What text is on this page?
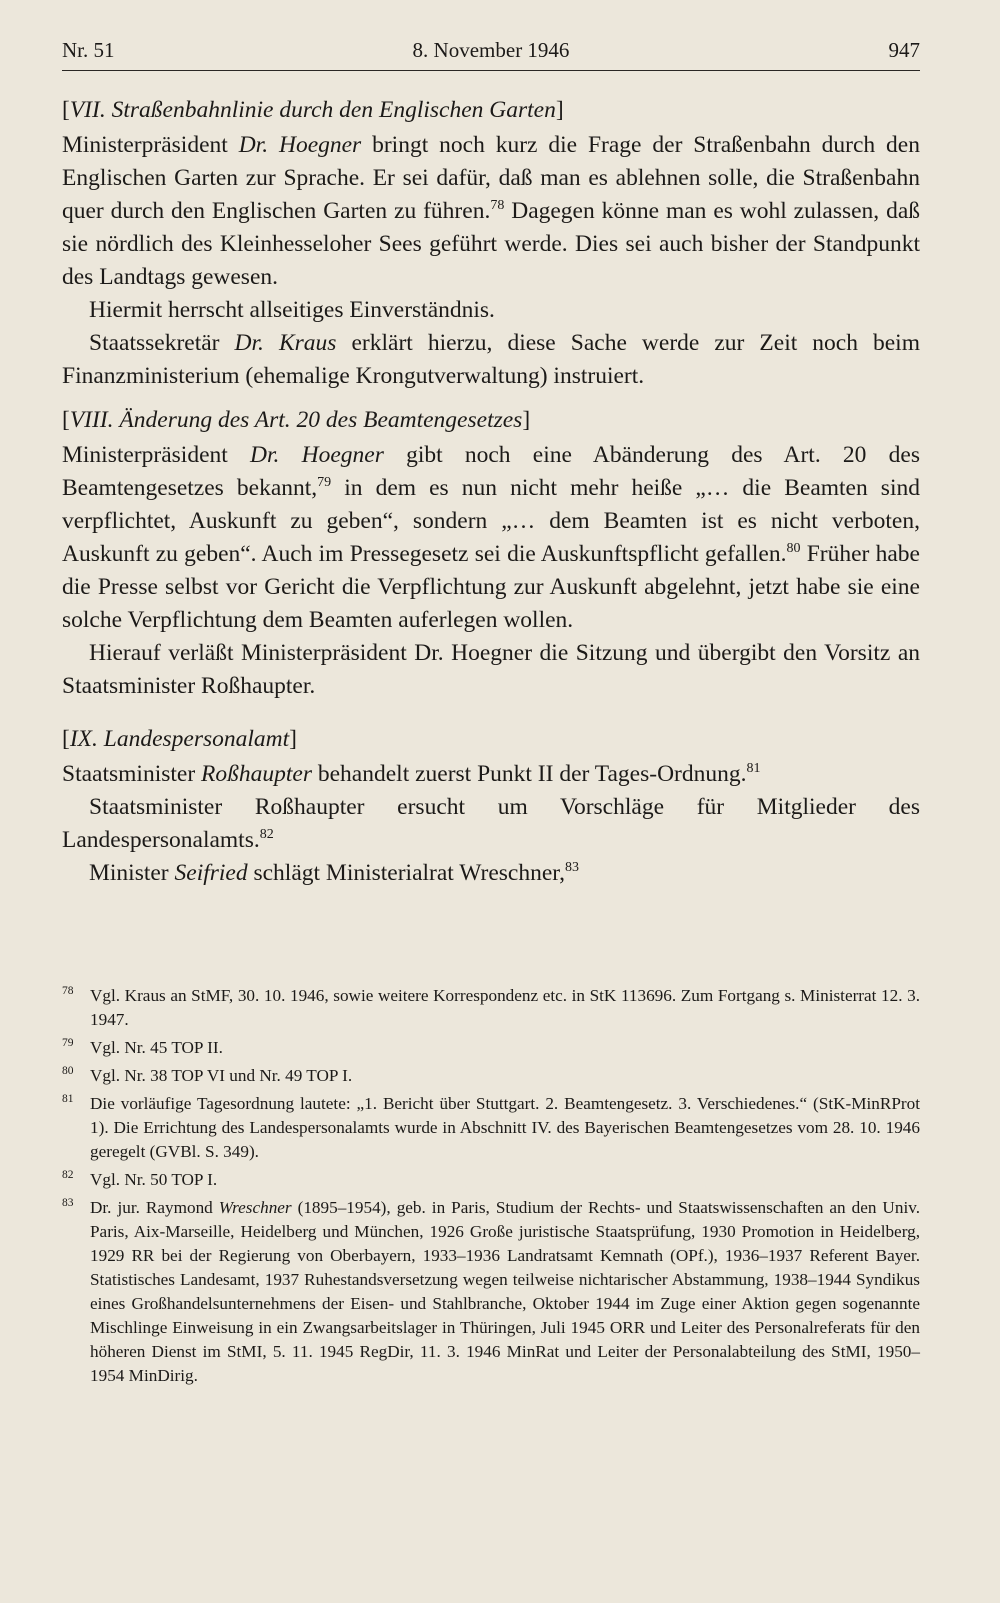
Nr. 51	8. November 1946	947
[VII. Straßenbahnlinie durch den Englischen Garten]

Ministerpräsident Dr. Hoegner bringt noch kurz die Frage der Straßenbahn durch den Englischen Garten zur Sprache. Er sei dafür, daß man es ablehnen solle, die Straßenbahn quer durch den Englischen Garten zu führen.$^{78}$ Dagegen könne man es wohl zulassen, daß sie nördlich des Kleinhesseloher Sees geführt werde. Dies sei auch bisher der Standpunkt des Landtags gewesen.

Hiermit herrscht allseitiges Einverständnis.

Staatssekretär Dr. Kraus erklärt hierzu, diese Sache werde zur Zeit noch beim Finanzministerium (ehemalige Krongutverwaltung) instruiert.

[VIII. Änderung des Art. 20 des Beamtengesetzes]

Ministerpräsident Dr. Hoegner gibt noch eine Abänderung des Art. 20 des Beamtengesetzes bekannt,$^{79}$ in dem es nun nicht mehr heiße „… die Beamten sind verpflichtet, Auskunft zu geben“, sondern „… dem Beamten ist es nicht verboten, Auskunft zu geben“. Auch im Pressegesetz sei die Auskunftspflicht gefallen.$^{80}$ Früher habe die Presse selbst vor Gericht die Verpflichtung zur Auskunft abgelehnt, jetzt habe sie eine solche Verpflichtung dem Beamten auferlegen wollen.

Hierauf verläßt Ministerpräsident Dr. Hoegner die Sitzung und übergibt den Vorsitz an Staatsminister Roßhaupter.

[IX. Landespersonalamt]

Staatsminister Roßhaupter behandelt zuerst Punkt II der Tages-Ordnung.$^{81}$

Staatsminister Roßhaupter ersucht um Vorschläge für Mitglieder des Landespersonalamts.$^{82}$

Minister Seifried schlägt Ministerialrat Wreschner,$^{83}$

78 Vgl. Kraus an StMF, 30. 10. 1946, sowie weitere Korrespondenz etc. in StK 113696. Zum Fortgang s. Ministerrat 12. 3. 1947.
79 Vgl. Nr. 45 TOP II.
80 Vgl. Nr. 38 TOP VI und Nr. 49 TOP I.
81 Die vorläufige Tagesordnung lautete: „1. Bericht über Stuttgart. 2. Beamtengesetz. 3. Verschiedenes.“ (StK-MinRProt 1). Die Errichtung des Landespersonalamts wurde in Abschnitt IV. des Bayerischen Beamtengesetzes vom 28. 10. 1946 geregelt (GVBl. S. 349).
82 Vgl. Nr. 50 TOP I.
83 Dr. jur. Raymond Wreschner (1895–1954), geb. in Paris, Studium der Rechts- und Staatswissenschaften an den Univ. Paris, Aix-Marseille, Heidelberg und München, 1926 Große juristische Staatsprüfung, 1930 Promotion in Heidelberg, 1929 RR bei der Regierung von Oberbayern, 1933–1936 Landratsamt Kemnath (OPf.), 1936–1937 Referent Bayer. Statistisches Landesamt, 1937 Ruhestandsversetzung wegen teilweise nichtarischer Abstammung, 1938–1944 Syndikus eines Großhandelsunternehmens der Eisen- und Stahlbranche, Oktober 1944 im Zuge einer Aktion gegen sogenannte Mischlinge Einweisung in ein Zwangsarbeitslager in Thüringen, Juli 1945 ORR und Leiter des Personalreferats für den höheren Dienst im StMI, 5. 11. 1945 RegDir, 11. 3. 1946 MinRat und Leiter der Personalabteilung des StMI, 1950–1954 MinDirig.
